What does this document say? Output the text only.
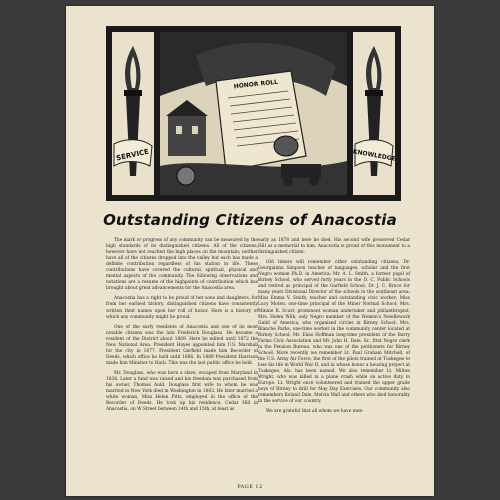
SERVICE
HONOR ROLL
KNOWLEDGE
Outstanding Citizens of Anacostia

The mark or progress of any community can be measured by the high standards of its distinguished citizens. All of the citizens, however have not reached the high places on the mountain; neither have all of the citizens dropped into the valley but each has made a definite contribution regardless of his station in life. These contributions have covered the cultural, spiritual, physical and mental aspects of the community. The following observations and notations are a resume of the highpoints of contribution which has brought about great advancements for the Anacostia area.

Anacostia has a right to be proud of her sons and daughters, for from her earliest history, distinguished citizens have consistently written their names upon her roll of honor. Here is a history of which any community might be proud.

One of the early residents of Anacostia and one of its most notable citizens was the late Frederick Douglass. He became a resident of the District about 1869. Here he edited until 1872 the New National Area. President Hayes appointed him U.S. Marshall for the city in 1877. President Garfield made him Recorder of Deeds, which office he held until 1886. In 1889 President Harrison made him Minister to Haiti. This was the last public office he held.

Mr. Douglass, who was born a slave, escaped from Maryland in 1838. Later a fund was raised and his freedom was purchased from his owner, Thomas Auld. Douglass first wife to whom he was married in New York died in Washington in 1882. He later married a white woman, Miss Helen Pitts, employed in the office of the Recorder of Deeds. He took up his residence, Cedar Hill in Anacostia, on W Street between 14th and 15th, at least as

early as 1878 and here he died. His second wife preserved Cedar Hill as a memorial to him. Anacostia is proud of this monument to a distinguished citizen.

Old timers will remember other outstanding citizens, Dr. Georgianna Simpson teacher of languages, scholar and the first Negro woman Ph.D. in America; Mr. A. L. Smith, a former pupil of Birney School, who served forty years in the D. C. Public Schools and retired as principal of the Garfield School; Dr. J. C. Bruce for many years Divisional Director of the schools in the southeast area; Miss Emma V. Smith, teacher and outstanding civic worker; Miss Lucy Moten, one-time principal of the Miner Normal School; Mrs. Minnie B. Scurr, prominent woman undertaker and philanthropist; Mrs. Helen Wilk, only Negro member of the Women's Needlework Guild of America, who organized circles in Birney School; Mrs. Blanche Parks, one-time worker in the community center located at Birney School; Mr. Elias Hoffman long-time president of the Barry Farms Civic Association and Mr. John H. Dale, Sr., first Negro clerk in the Pension Bureau, who was one of the petitioners for Birney School. More recently we remember Lt. Paul Graham Mitchell, of the U.S. Army Air Force, the first of the pilots trained at Tuskegee to lose his life in World War II, and in whose honor a housing project at Tuskegee, Ala. has been named. We also remember Lt. Milton Wright, who was killed in a plane crash while on active duty in Europe. Lt. Wright once volunteered and trained the upper grade boys of Birney to drill for May Day Exercises. Our community also remembers Roland Dale, Melvin Wall and others who died honorably in the service of our country.

We are grateful that all whom we have men-

PAGE 12
